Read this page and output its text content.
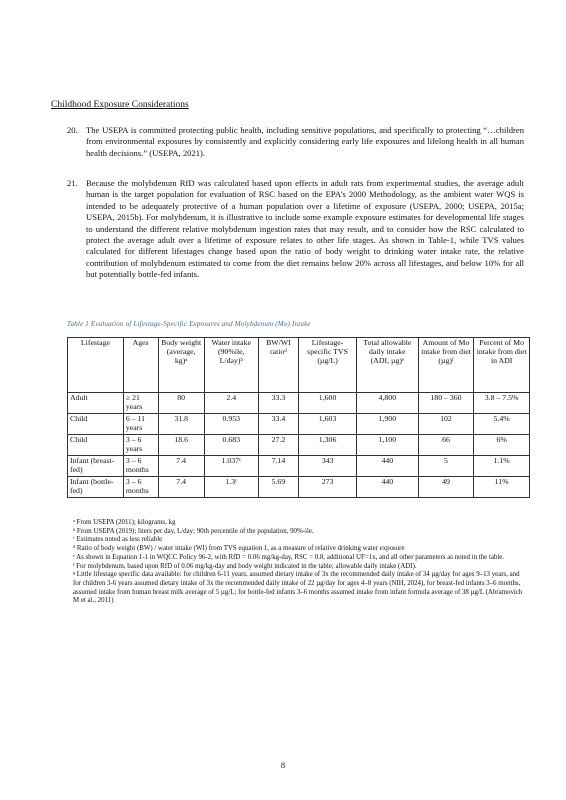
Childhood Exposure Considerations
20. The USEPA is committed protecting public health, including sensitive populations, and specifically to protecting “…children from environmental exposures by consistently and explicitly considering early life exposures and lifelong health in all human health decisions.” (USEPA, 2021).
21. Because the molybdenum RfD was calculated based upon effects in adult rats from experimental studies, the average adult human is the target population for evaluation of RSC based on the EPA’s 2000 Methodology, as the ambient water WQS is intended to be adequately protective of a human population over a lifetime of exposure (USEPA, 2000; USEPA, 2015a; USEPA, 2015b). For molybdenum, it is illustrative to include some example exposure estimates for developmental life stages to understand the different relative molybdenum ingestion rates that may result, and to consider how the RSC calculated to protect the average adult over a lifetime of exposure relates to other life stages. As shown in Table-1, while TVS values calculated for different lifestages change based upon the ratio of body weight to drinking water intake rate, the relative contribution of molybdenum estimated to come from the diet remains below 20% across all lifestages, and below 10% for all but potentially bottle-fed infants.
Table 1 Evaluation of Lifestage-Specific Exposures and Molybdenum (Mo) Intake
Lifestage	Ages	Body weight (average, kg)ᵃ	Water intake (90%ile, L/day)ᵇ	BW/WI ratioᵈ	Lifestage-specific TVS (µg/L)	Total allowable daily intake (ADI, µg)ᵉ	Amount of Mo intake from diet (µg)ᶠ	Percent of Mo intake from diet in ADI
Adult	≥ 21 years	80	2.4	33.3	1,600	4,800	180 – 360	3.8 – 7.5%
Child	6 – 11 years	31.8	0.953	33.4	1,603	1,900	102	5.4%
Child	3 – 6 years	18.6	0.683	27.2	1,306	1,100	66	6%
Infant (breast-fed)	3 – 6 months	7.4	1.037ᶜ	7.14	343	440	5	1.1%
Infant (bottle-fed)	3 – 6 months	7.4	1.3ᶜ	5.69	273	440	49	11%
ᵃ From USEPA (2011); kilograms, kg
ᵇ From USEPA (2019); liters per day, L/day; 90th percentile of the population, 90%-ile.
ᶜ Estimates noted as less reliable
ᵈ Ratio of body weight (BW) / water intake (WI) from TVS equation 1, as a measure of relative drinking water exposure
ᵉ As shown in Equation 1-1 in WQCC Policy 96-2, with RfD = 0.06 mg/kg-day, RSC = 0.8, additional UF=1x, and all other parameters as noted in the table.
ᶠ For molybdenum, based upon RfD of 0.06 mg/kg-day and body weight indicated in the table; allowable daily intake (ADI).
ᵍ Little lifestage specific data available: for children 6-11 years, assumed dietary intake of 3x the recommended daily intake of 34 µg/day for ages 9–13 years, and for children 3-6 years assumed dietary intake of 3x the recommended daily intake of 22 µg/day for ages 4–8 years (NIH, 2024), for breast-fed infants 3–6 months, assumed intake from human breast milk average of 5 µg/L; for bottle-fed infants 3–6 months assumed intake from infant formula average of 38 µg/L (Abramovich M et al., 2011)
8
